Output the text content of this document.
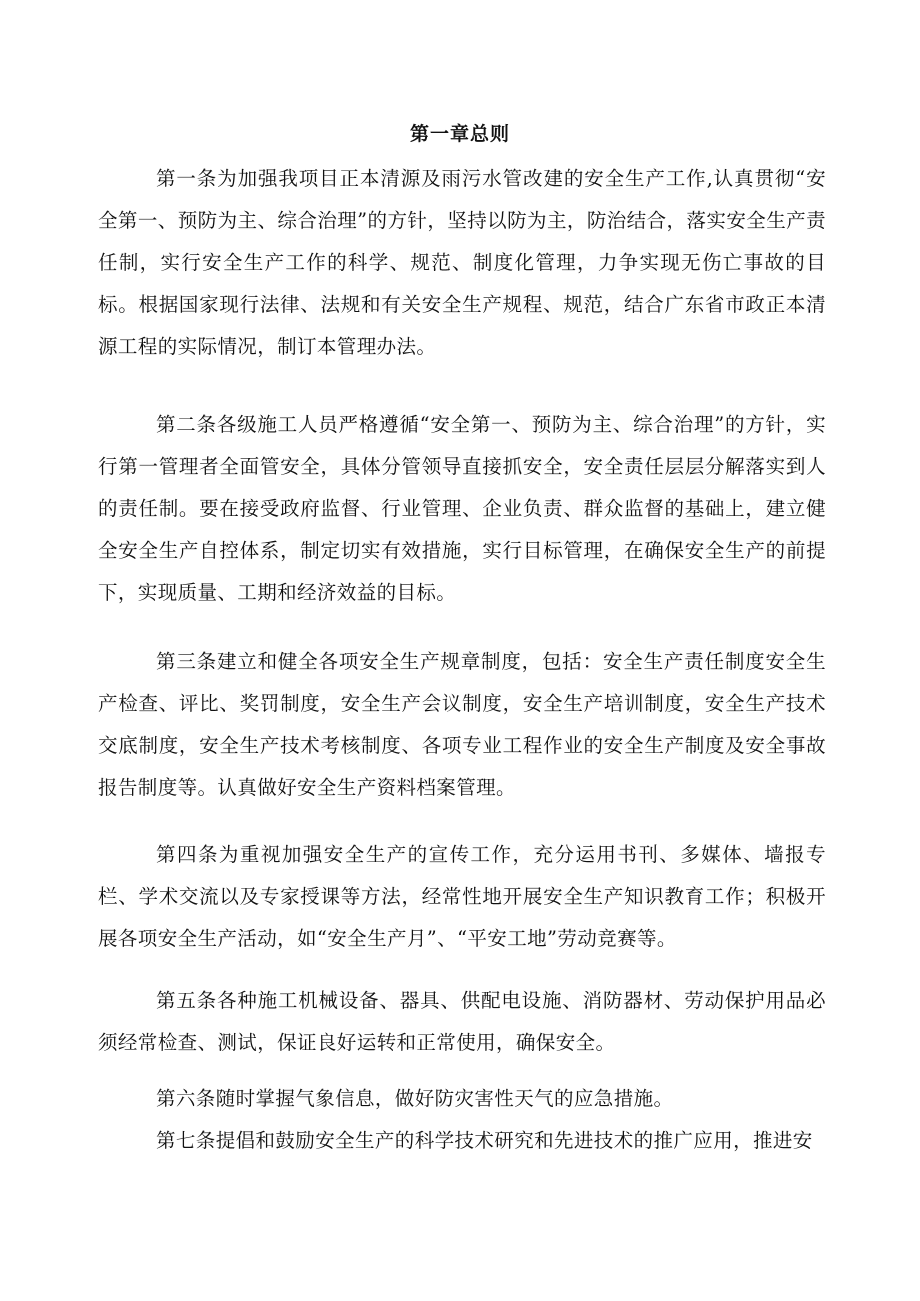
第一章总则

第一条为加强我项目正本清源及雨污水管改建的安全生产工作,认真贯彻“安全第一、预防为主、综合治理”的方针，坚持以防为主，防治结合，落实安全生产责任制，实行安全生产工作的科学、规范、制度化管理，力争实现无伤亡事故的目标。根据国家现行法律、法规和有关安全生产规程、规范，结合广东省市政正本清源工程的实际情况，制订本管理办法。

第二条各级施工人员严格遵循“安全第一、预防为主、综合治理”的方针，实行第一管理者全面管安全，具体分管领导直接抓安全，安全责任层层分解落实到人的责任制。要在接受政府监督、行业管理、企业负责、群众监督的基础上，建立健全安全生产自控体系，制定切实有效措施，实行目标管理，在确保安全生产的前提下，实现质量、工期和经济效益的目标。

第三条建立和健全各项安全生产规章制度，包括：安全生产责任制度安全生产检查、评比、奖罚制度，安全生产会议制度，安全生产培训制度，安全生产技术交底制度，安全生产技术考核制度、各项专业工程作业的安全生产制度及安全事故报告制度等。认真做好安全生产资料档案管理。

第四条为重视加强安全生产的宣传工作，充分运用书刊、多媒体、墙报专栏、学术交流以及专家授课等方法，经常性地开展安全生产知识教育工作；积极开展各项安全生产活动，如“安全生产月”、“平安工地”劳动竞赛等。

第五条各种施工机械设备、器具、供配电设施、消防器材、劳动保护用品必须经常检查、测试，保证良好运转和正常使用，确保安全。

第六条随时掌握气象信息，做好防灾害性天气的应急措施。

第七条提倡和鼓励安全生产的科学技术研究和先进技术的推广应用，推进安
